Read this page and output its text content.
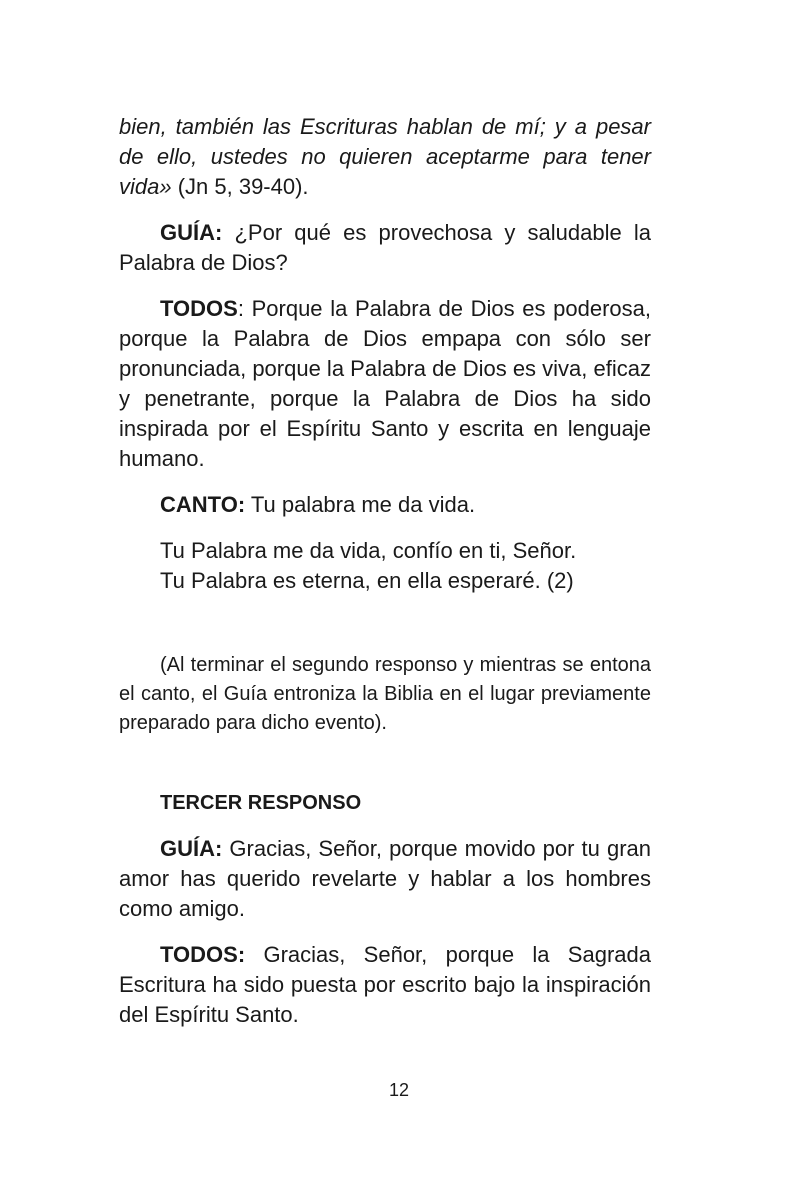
bien, también las Escrituras hablan de mí; y a pesar de ello, ustedes no quieren aceptarme para tener vida» (Jn 5, 39-40).

GUÍA: ¿Por qué es provechosa y saludable la Palabra de Dios?

TODOS: Porque la Palabra de Dios es poderosa, porque la Palabra de Dios empapa con sólo ser pronunciada, porque la Palabra de Dios es viva, eficaz y penetrante, porque la Palabra de Dios ha sido inspirada por el Espíritu Santo y escrita en lenguaje humano.

CANTO: Tu palabra me da vida.

Tu Palabra me da vida, confío en ti, Señor.
Tu Palabra es eterna, en ella esperaré. (2)

(Al terminar el segundo responso y mientras se entona el canto, el Guía entroniza la Biblia en el lugar previamente preparado para dicho evento).

TERCER RESPONSO

GUÍA: Gracias, Señor, porque movido por tu gran amor has querido revelarte y hablar a los hombres como amigo.

TODOS: Gracias, Señor, porque la Sagrada Escritura ha sido puesta por escrito bajo la inspiración del Espíritu Santo.

12
